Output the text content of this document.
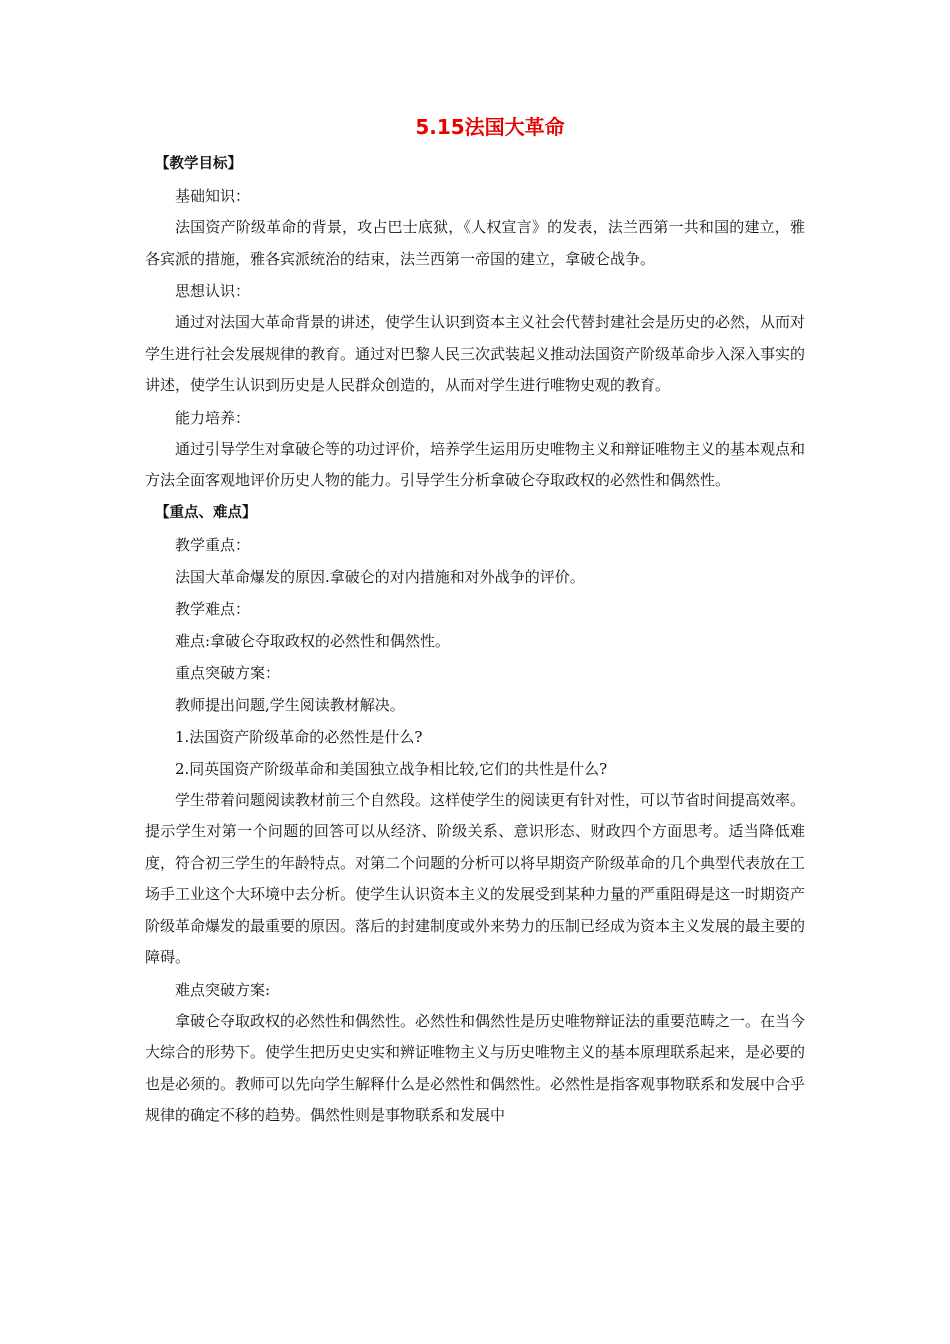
5.15法国大革命
【教学目标】
基础知识：

法国资产阶级革命的背景，攻占巴士底狱，《人权宣言》的发表，法兰西第一共和国的建立，雅各宾派的措施，雅各宾派统治的结束，法兰西第一帝国的建立，拿破仑战争。

思想认识：

通过对法国大革命背景的讲述，使学生认识到资本主义社会代替封建社会是历史的必然，从而对学生进行社会发展规律的教育。通过对巴黎人民三次武装起义推动法国资产阶级革命步入深入事实的讲述，使学生认识到历史是人民群众创造的，从而对学生进行唯物史观的教育。

能力培养：

通过引导学生对拿破仑等的功过评价，培养学生运用历史唯物主义和辩证唯物主义的基本观点和方法全面客观地评价历史人物的能力。引导学生分析拿破仑夺取政权的必然性和偶然性。

【重点、难点】
教学重点：
法国大革命爆发的原因.拿破仑的对内措施和对外战争的评价。
教学难点：
难点:拿破仑夺取政权的必然性和偶然性。
重点突破方案：
教师提出问题,学生阅读教材解决。
1.法国资产阶级革命的必然性是什么?
2.同英国资产阶级革命和美国独立战争相比较,它们的共性是什么?

学生带着问题阅读教材前三个自然段。这样使学生的阅读更有针对性，可以节省时间提高效率。提示学生对第一个问题的回答可以从经济、阶级关系、意识形态、财政四个方面思考。适当降低难度，符合初三学生的年龄特点。对第二个问题的分析可以将早期资产阶级革命的几个典型代表放在工场手工业这个大环境中去分析。使学生认识资本主义的发展受到某种力量的严重阻碍是这一时期资产阶级革命爆发的最重要的原因。落后的封建制度或外来势力的压制已经成为资本主义发展的最主要的障碍。

难点突破方案:

拿破仑夺取政权的必然性和偶然性。必然性和偶然性是历史唯物辩证法的重要范畴之一。在当今大综合的形势下。使学生把历史史实和辨证唯物主义与历史唯物主义的基本原理联系起来，是必要的也是必须的。教师可以先向学生解释什么是必然性和偶然性。必然性是指客观事物联系和发展中合乎规律的确定不移的趋势。偶然性则是事物联系和发展中
